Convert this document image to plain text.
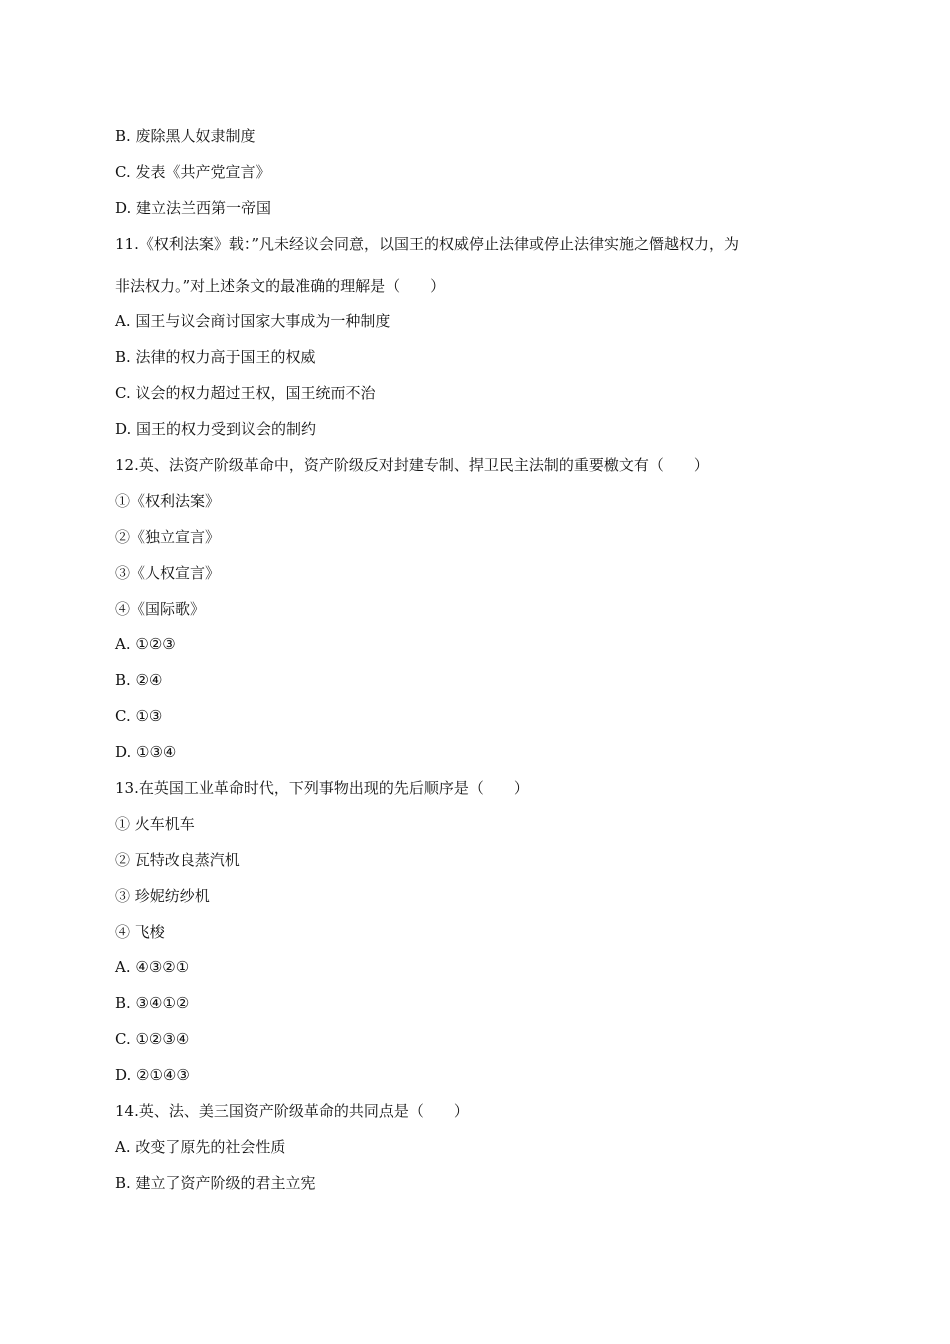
B. 废除黑人奴隶制度
C. 发表《共产党宣言》
D. 建立法兰西第一帝国
11.《权利法案》载：”凡未经议会同意，以国王的权威停止法律或停止法律实施之僭越权力，为
非法权力。”对上述条文的最准确的理解是（　　）
A. 国王与议会商讨国家大事成为一种制度
B. 法律的权力高于国王的权威
C. 议会的权力超过王权，国王统而不治
D. 国王的权力受到议会的制约
12.英、法资产阶级革命中，资产阶级反对封建专制、捍卫民主法制的重要檄文有（　　）
①《权利法案》
②《独立宣言》
③《人权宣言》
④《国际歌》
A. ①②③
B. ②④
C. ①③
D. ①③④
13.在英国工业革命时代，下列事物出现的先后顺序是（　　）
① 火车机车
② 瓦特改良蒸汽机
③ 珍妮纺纱机
④ 飞梭
A. ④③②①
B. ③④①②
C. ①②③④
D. ②①④③
14.英、法、美三国资产阶级革命的共同点是（　　）
A. 改变了原先的社会性质
B. 建立了资产阶级的君主立宪
